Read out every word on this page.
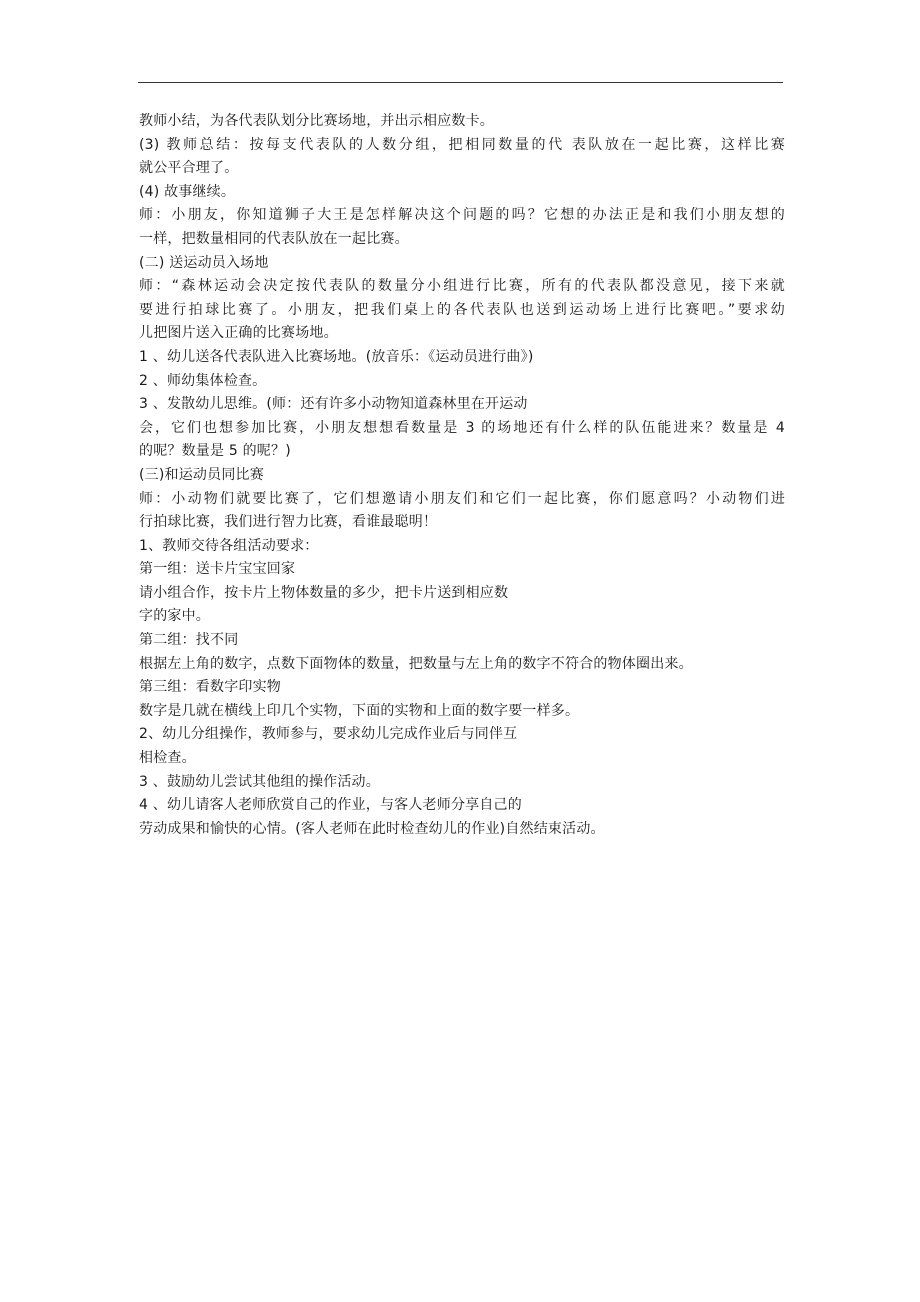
教师小结，为各代表队划分比赛场地，并出示相应数卡。
(3) 教师总结：按每支代表队的人数分组，把相同数量的代 表队放在一起比赛，这样比赛
就公平合理了。
(4) 故事继续。
师：小朋友，你知道狮子大王是怎样解决这个问题的吗？它想的办法正是和我们小朋友想的
一样，把数量相同的代表队放在一起比赛。
(二) 送运动员入场地
师：“森林运动会决定按代表队的数量分小组进行比赛，所有的代表队都没意见，接下来就
要进行拍球比赛了。小朋友，把我们桌上的各代表队也送到运动场上进行比赛吧。”要求幼
儿把图片送入正确的比赛场地。
1 、幼儿送各代表队进入比赛场地。(放音乐：《运动员进行曲》)
2 、师幼集体检查。
3 、发散幼儿思维。(师：还有许多小动物知道森林里在开运动
会，它们也想参加比赛，小朋友想想看数量是 3 的场地还有什么样的队伍能进来？数量是 4
的呢？数量是 5 的呢？)
(三)和运动员同比赛
师：小动物们就要比赛了，它们想邀请小朋友们和它们一起比赛，你们愿意吗？小动物们进
行拍球比赛，我们进行智力比赛，看谁最聪明！
1、教师交待各组活动要求：
第一组：送卡片宝宝回家
请小组合作，按卡片上物体数量的多少，把卡片送到相应数
字的家中。
第二组：找不同
根据左上角的数字，点数下面物体的数量，把数量与左上角的数字不符合的物体圈出来。
第三组：看数字印实物
数字是几就在横线上印几个实物，下面的实物和上面的数字要一样多。
2、幼儿分组操作，教师参与，要求幼儿完成作业后与同伴互
相检查。
3 、鼓励幼儿尝试其他组的操作活动。
4 、幼儿请客人老师欣赏自己的作业，与客人老师分享自己的
劳动成果和愉快的心情。(客人老师在此时检查幼儿的作业)自然结束活动。
